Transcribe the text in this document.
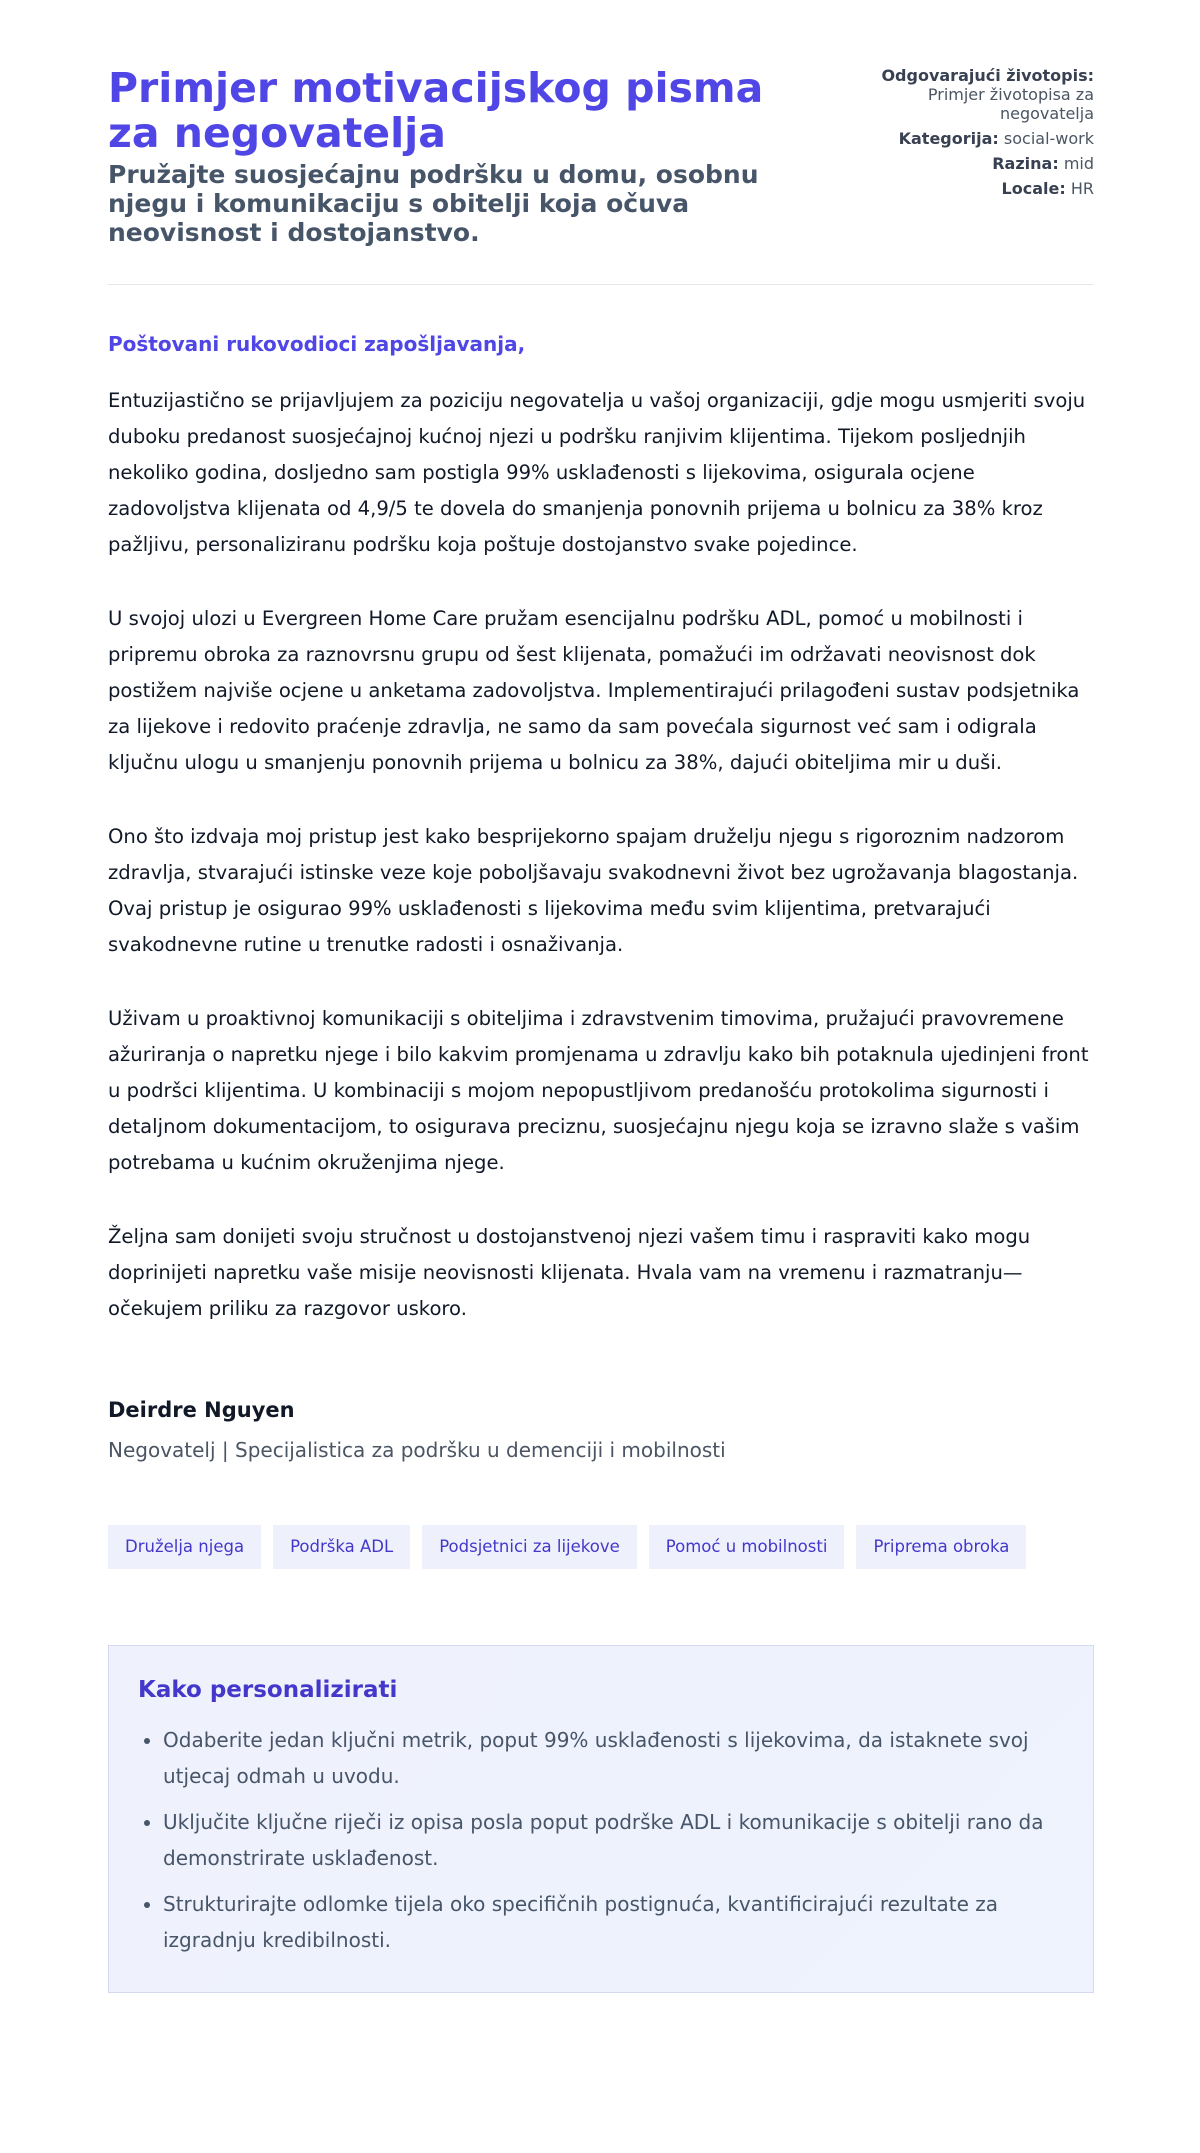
Primjer motivacijskog pisma za negovatelja

Pružajte suosjećajnu podršku u domu, osobnu njegu i komunikaciju s obitelji koja očuva neovisnost i dostojanstvo.

Odgovarajući životopis:
Primjer životopisa za negovatelja
Kategorija: social-work
Razina: mid
Locale: HR

Poštovani rukovodioci zapošljavanja,

Entuzijastično se prijavljujem za poziciju negovatelja u vašoj organizaciji, gdje mogu usmjeriti svoju duboku predanost suosjećajnoj kućnoj njezi u podršku ranjivim klijentima. Tijekom posljednjih nekoliko godina, dosljedno sam postigla 99% usklađenosti s lijekovima, osigurala ocjene zadovoljstva klijenata od 4,9/5 te dovela do smanjenja ponovnih prijema u bolnicu za 38% kroz pažljivu, personaliziranu podršku koja poštuje dostojanstvo svake pojedince.

U svojoj ulozi u Evergreen Home Care pružam esencijalnu podršku ADL, pomoć u mobilnosti i pripremu obroka za raznovrsnu grupu od šest klijenata, pomažući im održavati neovisnost dok postižem najviše ocjene u anketama zadovoljstva. Implementirajući prilagođeni sustav podsjetnika za lijekove i redovito praćenje zdravlja, ne samo da sam povećala sigurnost već sam i odigrala ključnu ulogu u smanjenju ponovnih prijema u bolnicu za 38%, dajući obiteljima mir u duši.

Ono što izdvaja moj pristup jest kako besprijekorno spajam druželju njegu s rigoroznim nadzorom zdravlja, stvarajući istinske veze koje poboljšavaju svakodnevni život bez ugrožavanja blagostanja. Ovaj pristup je osigurao 99% usklađenosti s lijekovima među svim klijentima, pretvarajući svakodnevne rutine u trenutke radosti i osnaživanja.

Uživam u proaktivnoj komunikaciji s obiteljima i zdravstvenim timovima, pružajući pravovremene ažuriranja o napretku njege i bilo kakvim promjenama u zdravlju kako bih potaknula ujedinjeni front u podršci klijentima. U kombinaciji s mojom nepopustljivom predanošću protokolima sigurnosti i detaljnom dokumentacijom, to osigurava preciznu, suosjećajnu njegu koja se izravno slaže s vašim potrebama u kućnim okruženjima njege.

Željna sam donijeti svoju stručnost u dostojanstvenoj njezi vašem timu i raspraviti kako mogu doprinijeti napretku vaše misije neovisnosti klijenata. Hvala vam na vremenu i razmatranju—očekujem priliku za razgovor uskoro.

Deirdre Nguyen

Negovatelj | Specijalistica za podršku u demenciji i mobilnosti

Druželja njega	Podrška ADL	Podsjetnici za lijekove	Pomoć u mobilnosti	Priprema obroka
Kako personalizirati
• Odaberite jedan ključni metrik, poput 99% usklađenosti s lijekovima, da istaknete svoj utjecaj odmah u uvodu.
• Uključite ključne riječi iz opisa posla poput podrške ADL i komunikacije s obitelji rano da demonstrirate usklađenost.
• Strukturirajte odlomke tijela oko specifičnih postignuća, kvantificirajući rezultate za izgradnju kredibilnosti.
